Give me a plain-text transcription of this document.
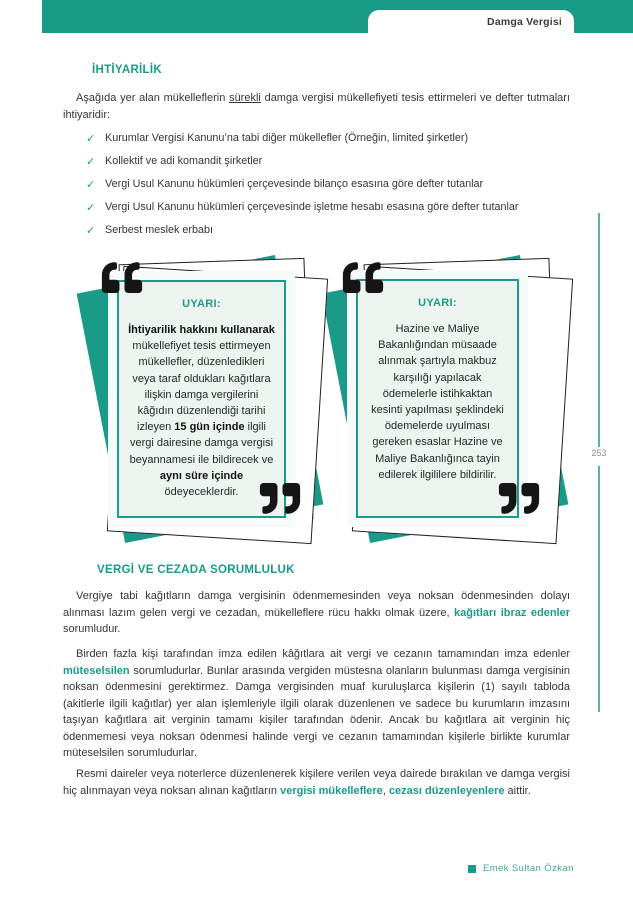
Damga Vergisi
253
İHTİYARİLİK

Aşağıda yer alan mükelleflerin sürekli damga vergisi mükellefiyeti tesis ettirmeleri ve defter tutmaları ihtiyaridir:

✓ Kurumlar Vergisi Kanunu’na tabi diğer mükellefler (Örneğin, limited şirketler)
✓ Kollektif ve adi komandit şirketler
✓ Vergi Usul Kanunu hükümleri çerçevesinde bilanço esasına göre defter tutanlar
✓ Vergi Usul Kanunu hükümleri çerçevesinde işletme hesabı esasına göre defter tutanlar
✓ Serbest meslek erbabı
UYARI:
İhtiyarilik hakkını kullanarak mükellefiyet tesis ettirmeyen mükellefler, düzenledikleri veya taraf oldukları kağıtlara ilişkin damga vergilerini kâğıdın düzenlendiği tarihi izleyen 15 gün içinde ilgili vergi dairesine damga vergisi beyannamesi ile bildirecek ve aynı süre içinde ödeyeceklerdir.
UYARI:
Hazine ve Maliye Bakanlığından müsaade alınmak şartıyla makbuz karşılığı yapılacak ödemelerle istihkaktan kesinti yapılması şeklindeki ödemelerde uyulması gereken esaslar Hazine ve Maliye Bakanlığınca tayin edilerek ilgililere bildirilir.
VERGİ VE CEZADA SORUMLULUK

Vergiye tabi kağıtların damga vergisinin ödenmemesinden veya noksan ödenmesinden dolayı alınması lazım gelen vergi ve cezadan, mükelleflere rücu hakkı olmak üzere, kağıtları ibraz edenler sorumludur.

Birden fazla kişi tarafından imza edilen kâğıtlara ait vergi ve cezanın tamamından imza edenler müteselsilen sorumludurlar. Bunlar arasında vergiden müstesna olanların bulunması damga vergisinin noksan ödenmesini gerektirmez. Damga vergisinden muaf kuruluşlarca kişilerin (1) sayılı tabloda (akitlerle ilgili kağıtlar) yer alan işlemleriyle ilgili olarak düzenlenen ve sadece bu kurumların imzasını taşıyan kağıtlara ait verginin tamamı kişiler tarafından ödenir. Ancak bu kağıtlara ait verginin hiç ödenmemesi veya noksan ödenmesi halinde vergi ve cezanın tamamından kişilerle birlikte kurumlar müteselsilen sorumludurlar.

Resmi daireler veya noterlerce düzenlenerek kişilere verilen veya dairede bırakılan ve damga vergisi hiç alınmayan veya noksan alınan kağıtların vergisi mükelleflere, cezası düzenleyenlere aittir.

Emek Sultan Özkan
